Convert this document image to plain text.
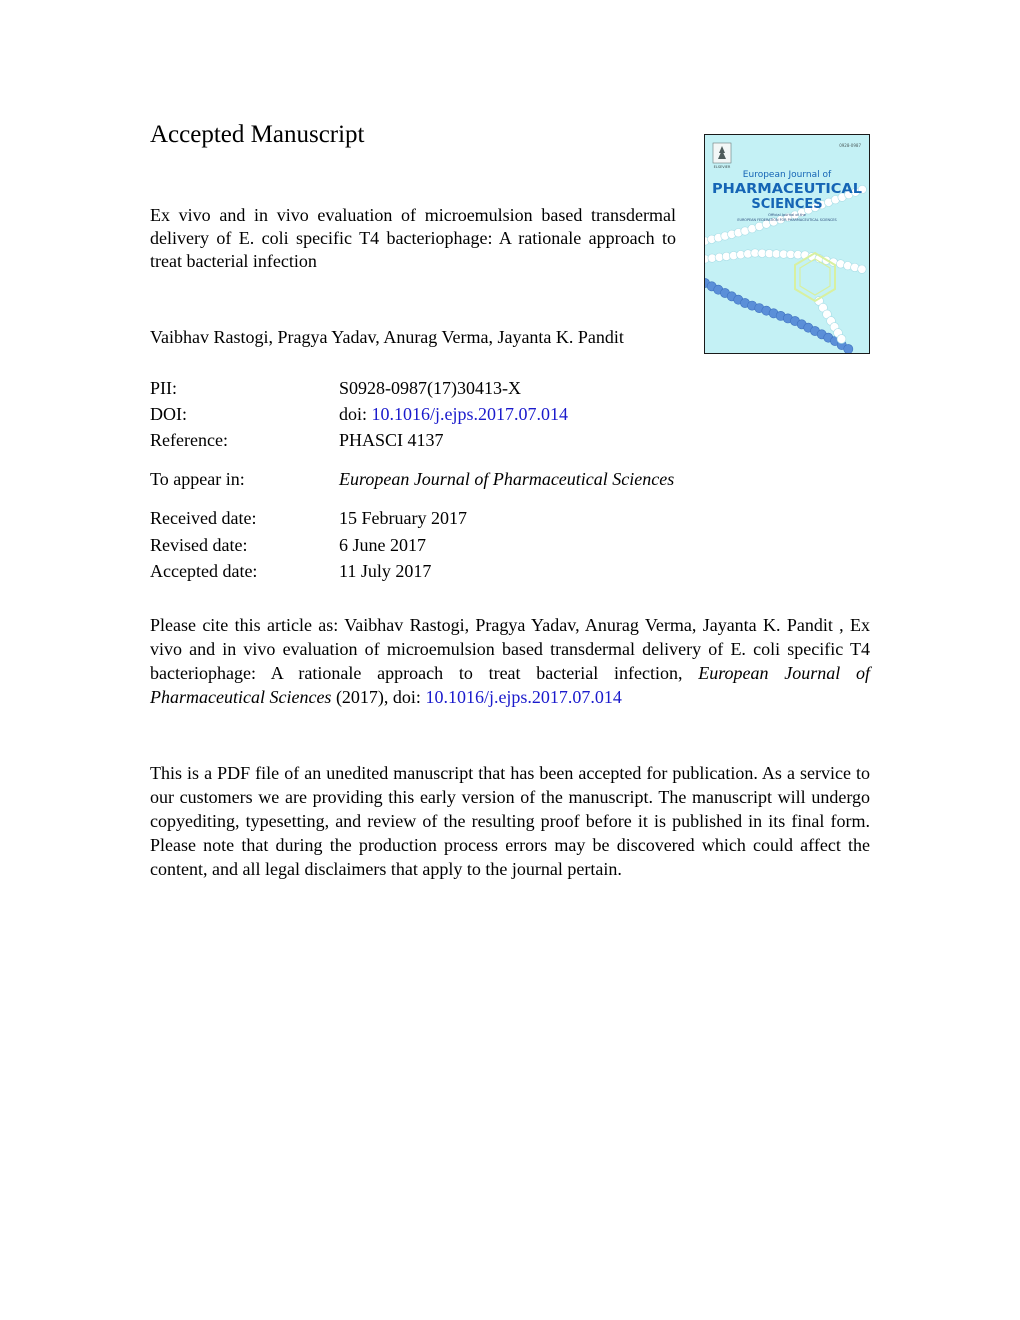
Accepted Manuscript
Ex vivo and in vivo evaluation of microemulsion based transdermal delivery of E. coli specific T4 bacteriophage: A rationale approach to treat bacterial infection
Vaibhav Rastogi, Pragya Yadav, Anurag Verma, Jayanta K. Pandit
ELSEVIER
0928-0987
European Journal of
PHARMACEUTICAL
SCIENCES
Official Journal of the
EUROPEAN FEDERATION FOR PHARMACEUTICAL SCIENCES
PII:	S0928-0987(17)30413-X
DOI:	doi: 10.1016/j.ejps.2017.07.014
Reference:	PHASCI 4137
To appear in:	European Journal of Pharmaceutical Sciences
Received date:	15 February 2017
Revised date:	6 June 2017
Accepted date:	11 July 2017
Please cite this article as: Vaibhav Rastogi, Pragya Yadav, Anurag Verma, Jayanta K. Pandit , Ex vivo and in vivo evaluation of microemulsion based transdermal delivery of E. coli specific T4 bacteriophage: A rationale approach to treat bacterial infection, European Journal of Pharmaceutical Sciences (2017), doi: 10.1016/j.ejps.2017.07.014
This is a PDF file of an unedited manuscript that has been accepted for publication. As a service to our customers we are providing this early version of the manuscript. The manuscript will undergo copyediting, typesetting, and review of the resulting proof before it is published in its final form. Please note that during the production process errors may be discovered which could affect the content, and all legal disclaimers that apply to the journal pertain.
